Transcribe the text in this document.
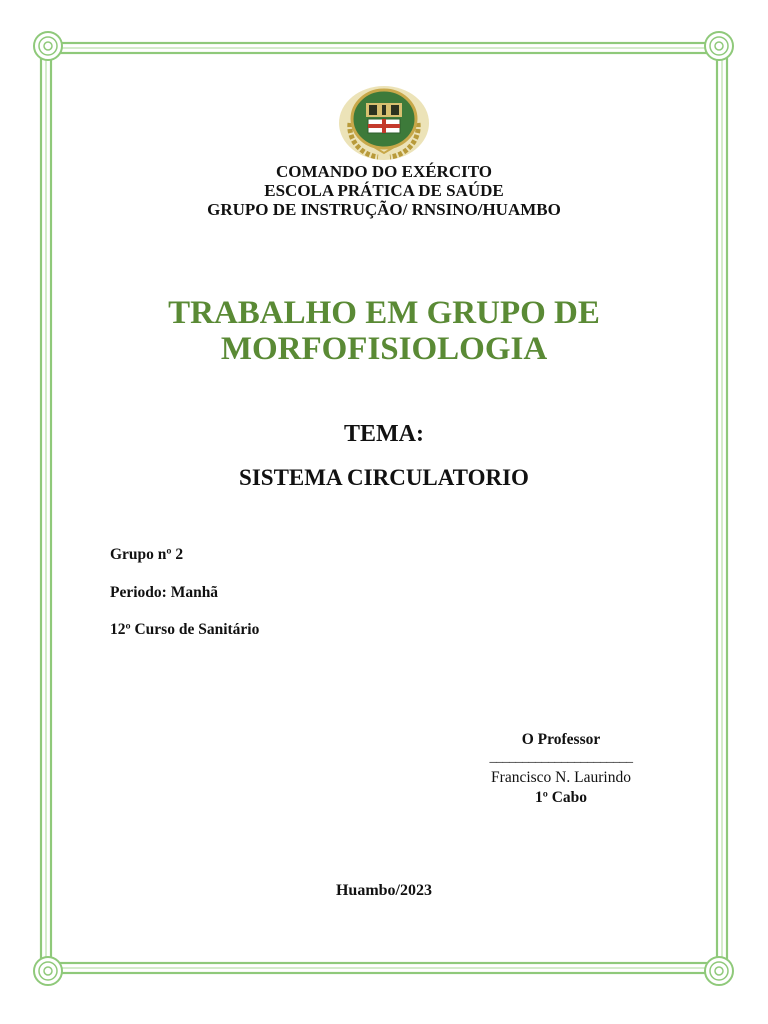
COMANDO DO EXÉRCITO
ESCOLA PRÁTICA DE SAÚDE
GRUPO DE INSTRUÇÃO/ RNSINO/HUAMBO
TRABALHO EM GRUPO DE
MORFOFISIOLOGIA
TEMA:
SISTEMA CIRCULATORIO
Grupo nº 2
Periodo: Manhã
12º Curso de Sanitário
O Professor
______________________
Francisco N. Laurindo
1º Cabo
Huambo/2023
